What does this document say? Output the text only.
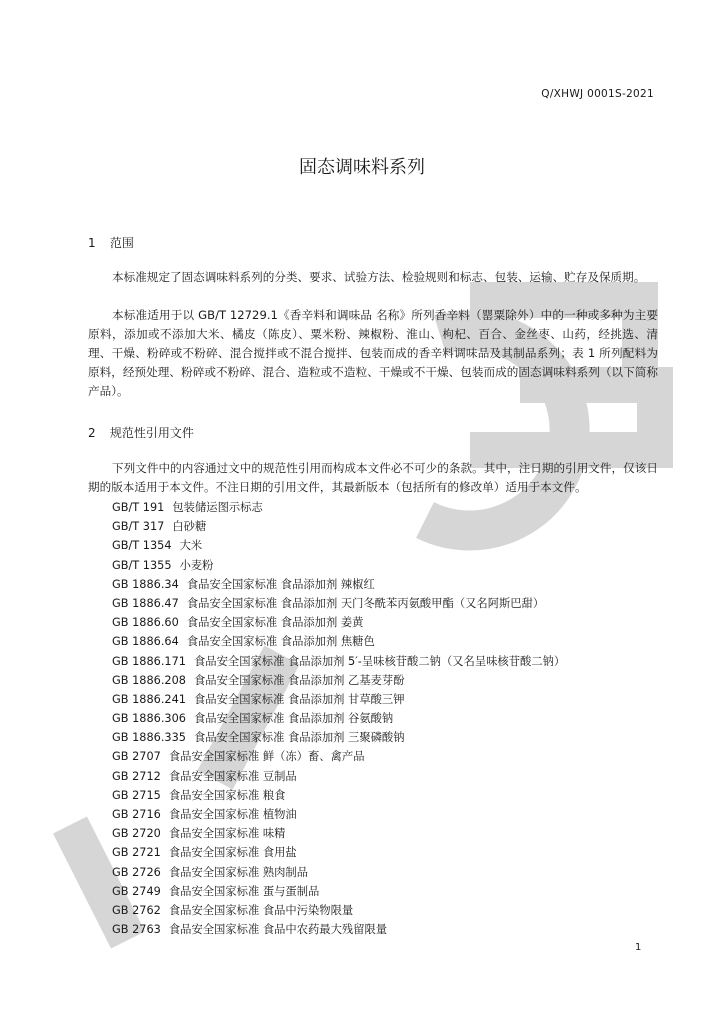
Q/XHWJ 0001S-2021
固态调味料系列
1 范围

本标准规定了固态调味料系列的分类、要求、试验方法、检验规则和标志、包装、运输、贮存及保质期。

本标准适用于以 GB/T 12729.1《香辛料和调味品 名称》所列香辛料（罂粟除外）中的一种或多种为主要原料，添加或不添加大米、橘皮（陈皮）、粟米粉、辣椒粉、淮山、枸杞、百合、金丝枣、山药，经挑选、清理、干燥、粉碎或不粉碎、混合搅拌或不混合搅拌、包装而成的香辛料调味品及其制品系列；表 1 所列配料为原料，经预处理、粉碎或不粉碎、混合、造粒或不造粒、干燥或不干燥、包装而成的固态调味料系列（以下简称产品）。

2 规范性引用文件

下列文件中的内容通过文中的规范性引用而构成本文件必不可少的条款。其中，注日期的引用文件，仅该日期的版本适用于本文件。不注日期的引用文件，其最新版本（包括所有的修改单）适用于本文件。

GB/T 191 包装储运图示标志
GB/T 317 白砂糖
GB/T 1354 大米
GB/T 1355 小麦粉
GB 1886.34 食品安全国家标准 食品添加剂 辣椒红
GB 1886.47 食品安全国家标准 食品添加剂 天门冬酰苯丙氨酸甲酯（又名阿斯巴甜）
GB 1886.60 食品安全国家标准 食品添加剂 姜黄
GB 1886.64 食品安全国家标准 食品添加剂 焦糖色
GB 1886.171 食品安全国家标准 食品添加剂 5′-呈味核苷酸二钠（又名呈味核苷酸二钠）
GB 1886.208 食品安全国家标准 食品添加剂 乙基麦芽酚
GB 1886.241 食品安全国家标准 食品添加剂 甘草酸三钾
GB 1886.306 食品安全国家标准 食品添加剂 谷氨酸钠
GB 1886.335 食品安全国家标准 食品添加剂 三聚磷酸钠
GB 2707 食品安全国家标准 鲜（冻）畜、禽产品
GB 2712 食品安全国家标准 豆制品
GB 2715 食品安全国家标准 粮食
GB 2716 食品安全国家标准 植物油
GB 2720 食品安全国家标准 味精
GB 2721 食品安全国家标准 食用盐
GB 2726 食品安全国家标准 熟肉制品
GB 2749 食品安全国家标准 蛋与蛋制品
GB 2762 食品安全国家标准 食品中污染物限量
GB 2763 食品安全国家标准 食品中农药最大残留限量
1
